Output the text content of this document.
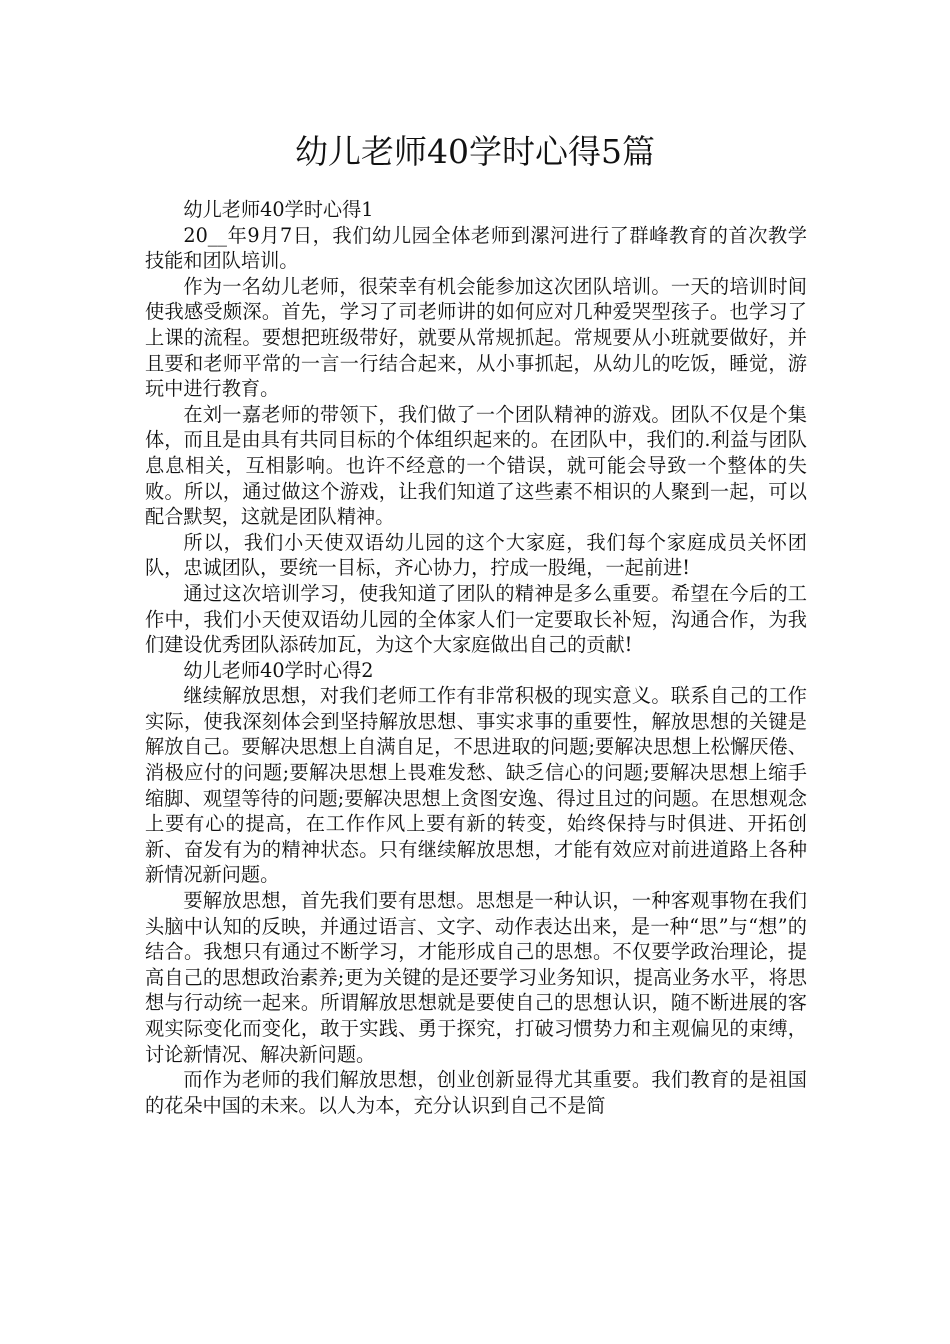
幼儿老师40学时心得5篇

幼儿老师40学时心得1

20__年9月7日，我们幼儿园全体老师到漯河进行了群峰教育的首次教学技能和团队培训。

作为一名幼儿老师，很荣幸有机会能参加这次团队培训。一天的培训时间使我感受颇深。首先，学习了司老师讲的如何应对几种爱哭型孩子。也学习了上课的流程。要想把班级带好，就要从常规抓起。常规要从小班就要做好，并且要和老师平常的一言一行结合起来，从小事抓起，从幼儿的吃饭，睡觉，游玩中进行教育。

在刘一嘉老师的带领下，我们做了一个团队精神的游戏。团队不仅是个集体，而且是由具有共同目标的个体组织起来的。在团队中，我们的.利益与团队息息相关，互相影响。也许不经意的一个错误，就可能会导致一个整体的失败。所以，通过做这个游戏，让我们知道了这些素不相识的人聚到一起，可以配合默契，这就是团队精神。

所以，我们小天使双语幼儿园的这个大家庭，我们每个家庭成员关怀团队，忠诚团队，要统一目标，齐心协力，拧成一股绳，一起前进!

通过这次培训学习，使我知道了团队的精神是多么重要。希望在今后的工作中，我们小天使双语幼儿园的全体家人们一定要取长补短，沟通合作，为我们建设优秀团队添砖加瓦，为这个大家庭做出自己的贡献!

幼儿老师40学时心得2

继续解放思想，对我们老师工作有非常积极的现实意义。联系自己的工作实际，使我深刻体会到坚持解放思想、事实求事的重要性，解放思想的关键是解放自己。要解决思想上自满自足，不思进取的问题;要解决思想上松懈厌倦、消极应付的问题;要解决思想上畏难发愁、缺乏信心的问题;要解决思想上缩手缩脚、观望等待的问题;要解决思想上贪图安逸、得过且过的问题。在思想观念上要有心的提高，在工作作风上要有新的转变，始终保持与时俱进、开拓创新、奋发有为的精神状态。只有继续解放思想，才能有效应对前进道路上各种新情况新问题。

要解放思想，首先我们要有思想。思想是一种认识，一种客观事物在我们头脑中认知的反映，并通过语言、文字、动作表达出来，是一种“思”与“想”的结合。我想只有通过不断学习，才能形成自己的思想。不仅要学政治理论，提高自己的思想政治素养;更为关键的是还要学习业务知识，提高业务水平，将思想与行动统一起来。所谓解放思想就是要使自己的思想认识，随不断进展的客观实际变化而变化，敢于实践、勇于探究，打破习惯势力和主观偏见的束缚，讨论新情况、解决新问题。

而作为老师的我们解放思想，创业创新显得尤其重要。我们教育的是祖国的花朵中国的未来。以人为本，充分认识到自己不是简
